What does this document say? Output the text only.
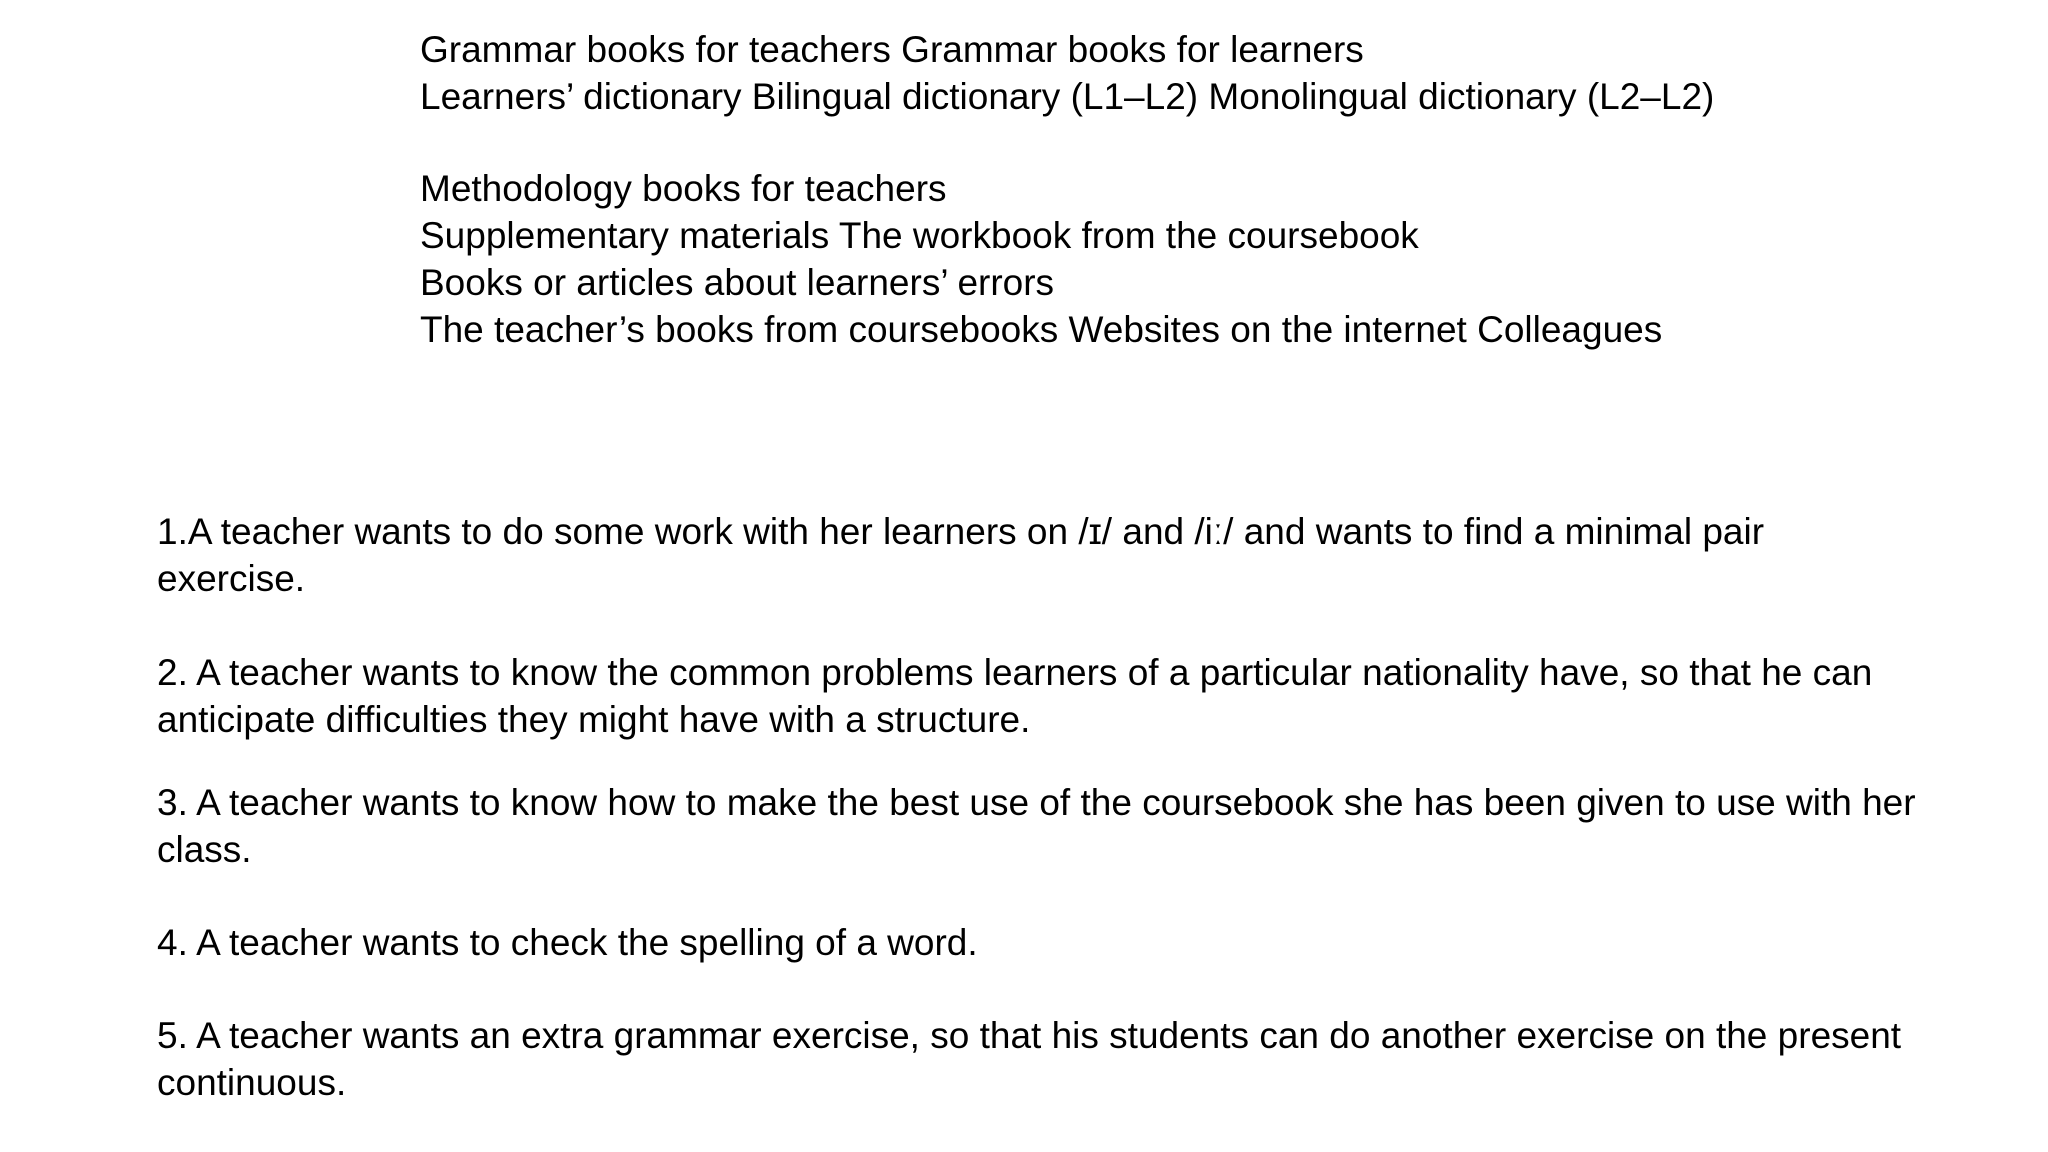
Grammar books for teachers Grammar books for learners
Learners’ dictionary Bilingual dictionary (L1–L2) Monolingual dictionary (L2–L2)
Methodology books for teachers
Supplementary materials The workbook from the coursebook
Books or articles about learners’ errors
The teacher’s books from coursebooks Websites on the internet Colleagues
1.A teacher wants to do some work with her learners on /ɪ/ and /iː/ and wants to find a minimal pair exercise.
2. A teacher wants to know the common problems learners of a particular nationality have, so that he can anticipate difficulties they might have with a structure.
3. A teacher wants to know how to make the best use of the coursebook she has been given to use with her class.
4. A teacher wants to check the spelling of a word.
5. A teacher wants an extra grammar exercise, so that his students can do another exercise on the present continuous.
